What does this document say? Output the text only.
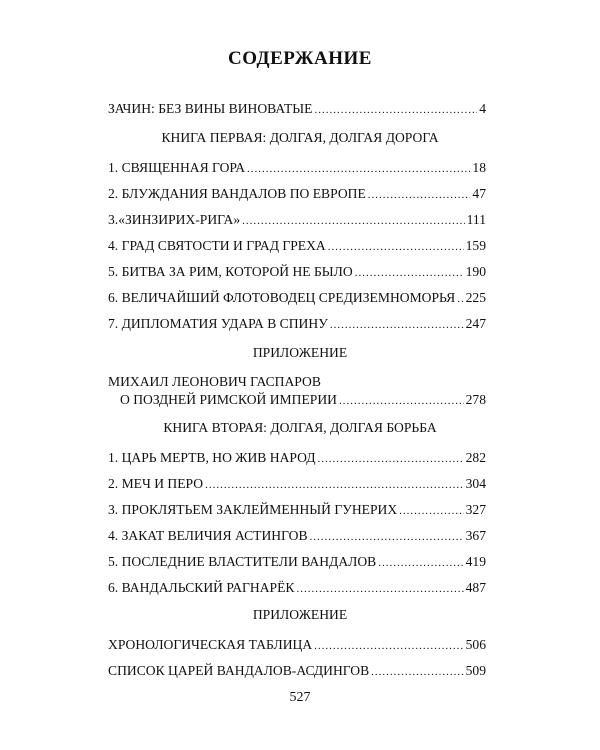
СОДЕРЖАНИЕ
ЗАЧИН: БЕЗ ВИНЫ ВИНОВАТЫЕ .....	4
КНИГА ПЕРВАЯ: ДОЛГАЯ, ДОЛГАЯ ДОРОГА
1. СВЯЩЕННАЯ ГОРА .....	18
2. БЛУЖДАНИЯ ВАНДАЛОВ ПО ЕВРОПЕ .....	47
3.«ЗИНЗИРИХ-РИГА» .....	111
4. ГРАД СВЯТОСТИ И ГРАД ГРЕХА .....	159
5. БИТВА ЗА РИМ, КОТОРОЙ НЕ БЫЛО .....	190
6. ВЕЛИЧАЙШИЙ ФЛОТОВОДЕЦ СРЕДИЗЕМНОМОРЬЯ ..... 225
7. ДИПЛОМАТИЯ УДАРА В СПИНУ .....	247
ПРИЛОЖЕНИЕ
МИХАИЛ ЛЕОНОВИЧ ГАСПАРОВ
О ПОЗДНЕЙ РИМСКОЙ ИМПЕРИИ .....	278
КНИГА ВТОРАЯ: ДОЛГАЯ, ДОЛГАЯ БОРЬБА
1. ЦАРЬ МЕРТВ, НО ЖИВ НАРОД .....	282
2. МЕЧ И ПЕРО .....	304
3. ПРОКЛЯТЬЕМ ЗАКЛЕЙМЕННЫЙ ГУНЕРИХ .....	327
4. ЗАКАТ ВЕЛИЧИЯ АСТИНГОВ .....	367
5. ПОСЛЕДНИЕ ВЛАСТИТЕЛИ ВАНДАЛОВ .....	419
6. ВАНДАЛЬСКИЙ РАГНАРЁК .....	487
ПРИЛОЖЕНИЕ
ХРОНОЛОГИЧЕСКАЯ ТАБЛИЦА .....	506
СПИСОК ЦАРЕЙ ВАНДАЛОВ-АСДИНГОВ .....	509
527
